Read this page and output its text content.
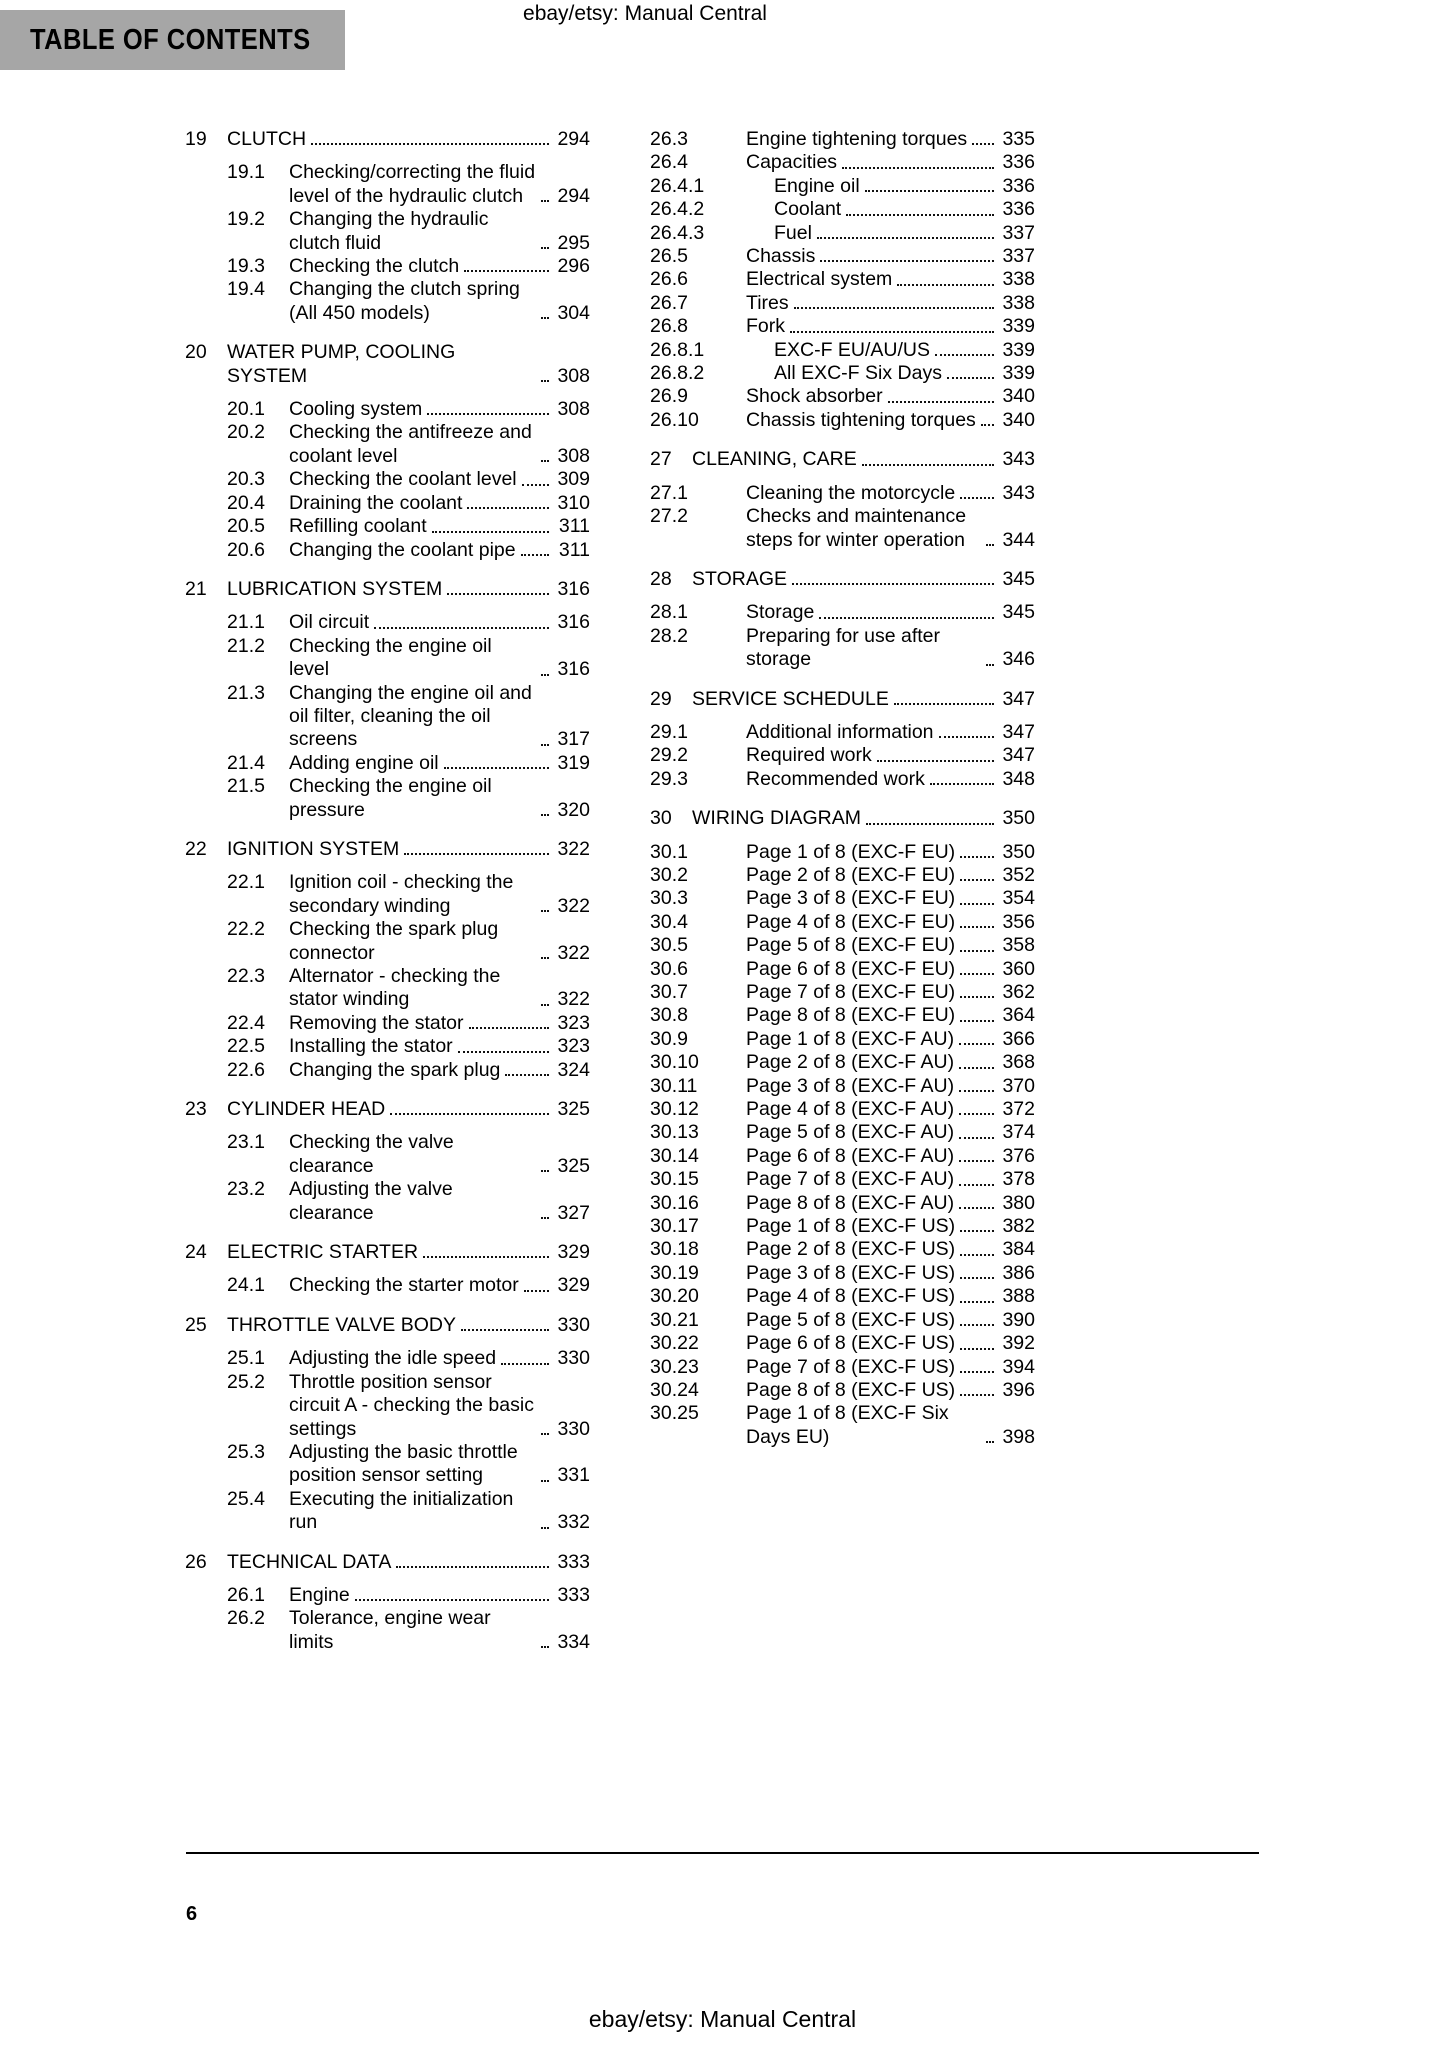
ebay/etsy: Manual Central
TABLE OF CONTENTS
19	CLUTCH	294
19.1	Checking/correcting the fluid level of the hydraulic clutch	294
19.2	Changing the hydraulic clutch fluid	295
19.3	Checking the clutch	296
19.4	Changing the clutch spring (All 450 models)	304
20	WATER PUMP, COOLING SYSTEM	308
20.1	Cooling system	308
20.2	Checking the antifreeze and coolant level	308
20.3	Checking the coolant level 309
20.4	Draining the coolant	310
20.5	Refilling coolant	311
20.6	Changing the coolant pipe 311
21	LUBRICATION SYSTEM	316
21.1	Oil circuit	316
21.2	Checking the engine oil level	316
21.3	Changing the engine oil and oil filter, cleaning the oil screens	317
21.4	Adding engine oil	319
21.5	Checking the engine oil pressure	320
22	IGNITION SYSTEM	322
22.1	Ignition coil - checking the secondary winding	322
22.2	Checking the spark plug connector	322
22.3	Alternator - checking the stator winding	322
22.4	Removing the stator	323
22.5	Installing the stator	323
22.6	Changing the spark plug	324
23	CYLINDER HEAD	325
23.1	Checking the valve clearance	325
23.2	Adjusting the valve clearance	327
24	ELECTRIC STARTER	329
24.1	Checking the starter motor 329
25	THROTTLE VALVE BODY	330
25.1	Adjusting the idle speed	330
25.2	Throttle position sensor circuit A - checking the basic settings	330
25.3	Adjusting the basic throttle position sensor setting	331
25.4	Executing the initialization run	332
26	TECHNICAL DATA	333
26.1	Engine	333
26.2	Tolerance, engine wear limits	334
26.3	Engine tightening torques 335
26.4	Capacities	336
26.4.1	Engine oil	336
26.4.2	Coolant	336
26.4.3	Fuel	337
26.5	Chassis	337
26.6	Electrical system	338
26.7	Tires	338
26.8	Fork	339
26.8.1	EXC-F EU/AU/US	339
26.8.2	All EXC-F Six Days	339
26.9	Shock absorber	340
26.10	Chassis tightening torques 340
27	CLEANING, CARE	343
27.1	Cleaning the motorcycle 343
27.2	Checks and maintenance steps for winter operation	344
28	STORAGE	345
28.1	Storage	345
28.2	Preparing for use after storage	346
29	SERVICE SCHEDULE	347
29.1	Additional information	347
29.2	Required work	347
29.3	Recommended work	348
30	WIRING DIAGRAM	350
30.1	Page 1 of 8 (EXC-F EU) 350
30.2	Page 2 of 8 (EXC-F EU) 352
30.3	Page 3 of 8 (EXC-F EU) 354
30.4	Page 4 of 8 (EXC-F EU) 356
30.5	Page 5 of 8 (EXC-F EU) 358
30.6	Page 6 of 8 (EXC-F EU) 360
30.7	Page 7 of 8 (EXC-F EU) 362
30.8	Page 8 of 8 (EXC-F EU) 364
30.9	Page 1 of 8 (EXC-F AU) 366
30.10	Page 2 of 8 (EXC-F AU) 368
30.11	Page 3 of 8 (EXC-F AU) 370
30.12	Page 4 of 8 (EXC-F AU) 372
30.13	Page 5 of 8 (EXC-F AU) 374
30.14	Page 6 of 8 (EXC-F AU) 376
30.15	Page 7 of 8 (EXC-F AU) 378
30.16	Page 8 of 8 (EXC-F AU) 380
30.17	Page 1 of 8 (EXC-F US) 382
30.18	Page 2 of 8 (EXC-F US) 384
30.19	Page 3 of 8 (EXC-F US) 386
30.20	Page 4 of 8 (EXC-F US) 388
30.21	Page 5 of 8 (EXC-F US) 390
30.22	Page 6 of 8 (EXC-F US) 392
30.23	Page 7 of 8 (EXC-F US) 394
30.24	Page 8 of 8 (EXC-F US) 396
30.25	Page 1 of 8 (EXC-F Six Days EU)	398
6
ebay/etsy: Manual Central
